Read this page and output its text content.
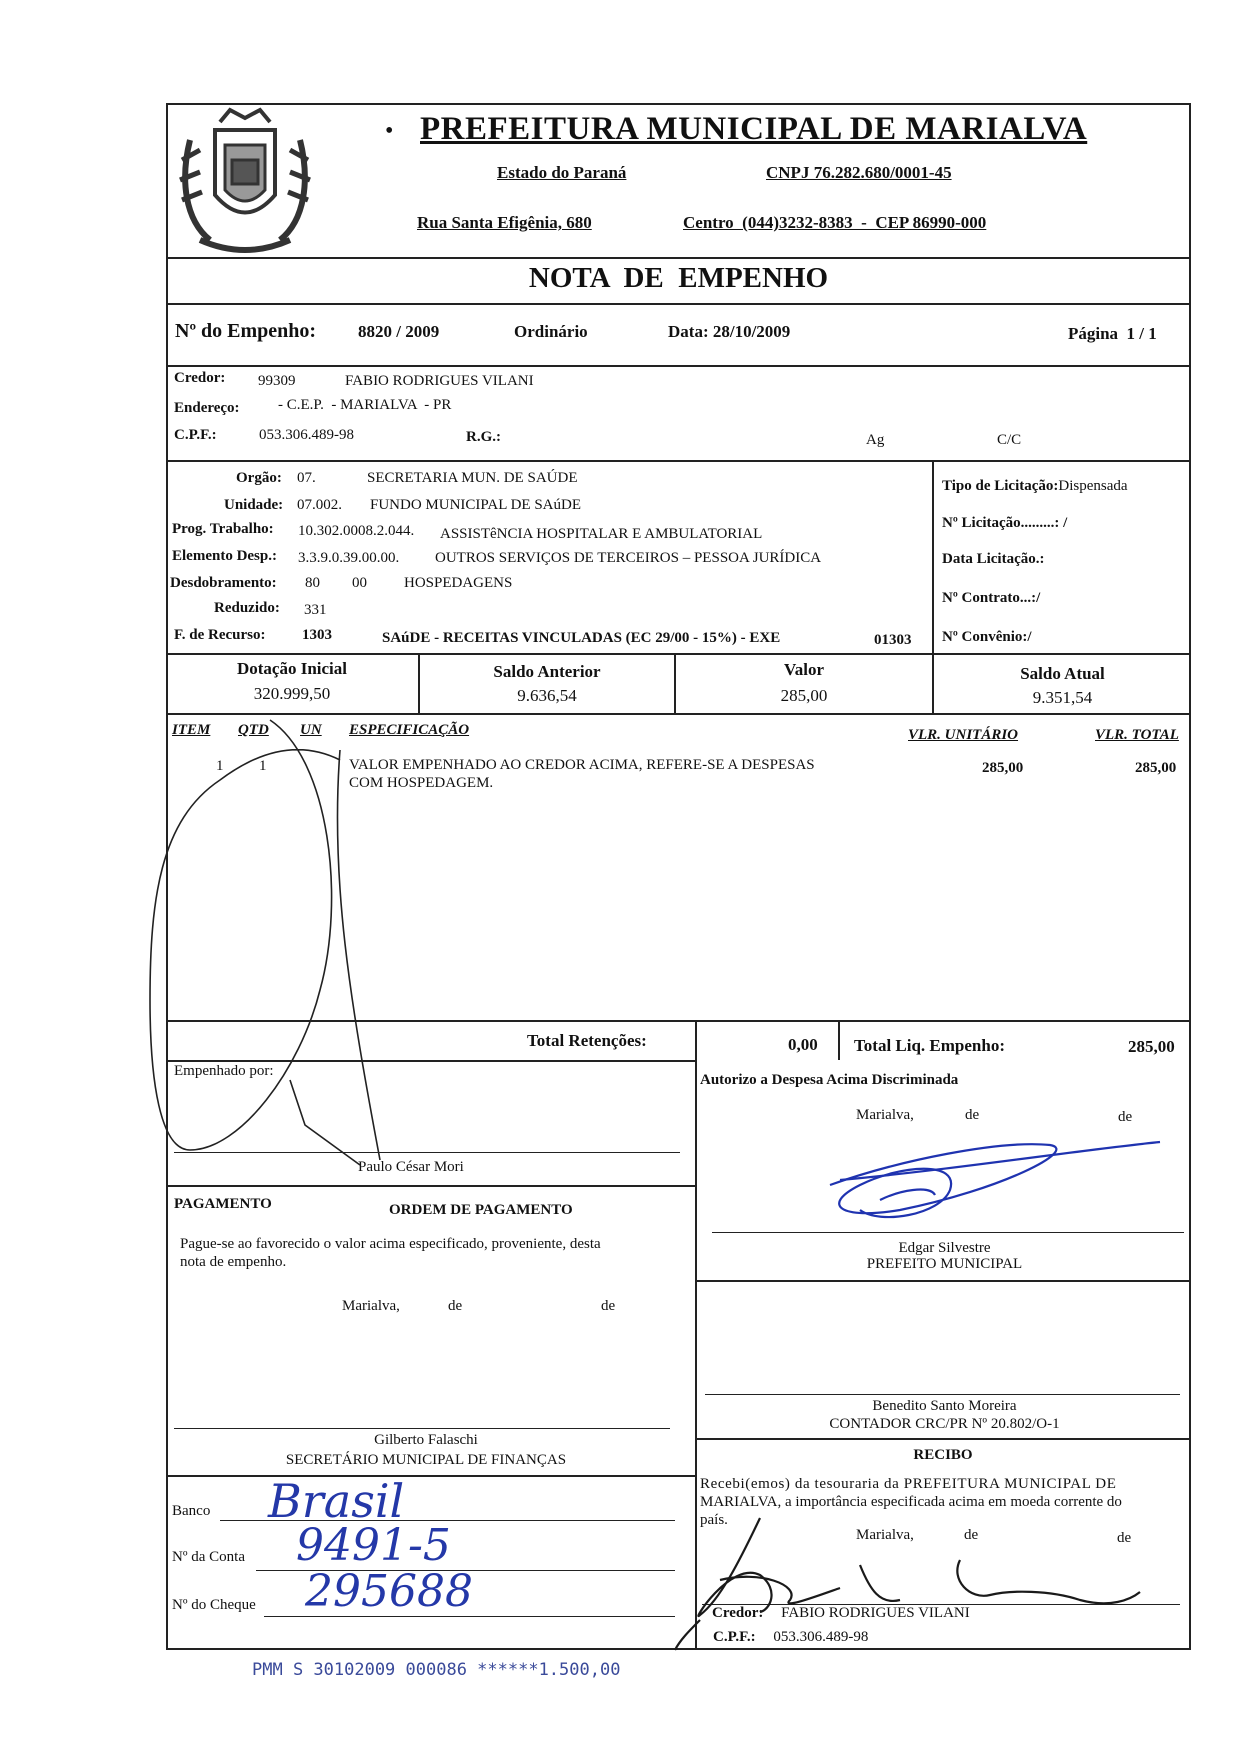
• PREFEITURA MUNICIPAL DE MARIALVA
Estado do Paraná	CNPJ 76.282.680/0001-45
Rua Santa Efigênia, 680	Centro  (044)3232-8383  -  CEP 86990-000
NOTA  DE  EMPENHO
Nº do Empenho: 8820 / 2009	Ordinário	Data: 28/10/2009	Página  1 / 1
Credor: 99309	FABIO RODRIGUES VILANI
Endereço:	- C.E.P.  - MARIALVA  - PR
C.P.F.:	053.306.489-98	R.G.:	Ag	C/C
Orgão: 07.	SECRETARIA MUN. DE SAÚDE
Unidade: 07.002. FUNDO MUNICIPAL DE SAúDE
Prog. Trabalho: 10.302.0008.2.044. ASSISTêNCIA HOSPITALAR E AMBULATORIAL
Elemento Desp.: 3.3.9.0.39.00.00. OUTROS SERVIÇOS DE TERCEIROS – PESSOA JURÍDICA
Desdobramento: 80 00 HOSPEDAGENS
Reduzido: 331
F. de Recurso: 1303	SAúDE - RECEITAS VINCULADAS (EC 29/00 - 15%) - EXE	01303
Tipo de Licitação:Dispensada
Nº Licitação.........: /
Data Licitação.:
Nº Contrato...:/
Nº Convênio:/
Dotação Inicial
320.999,50
Saldo Anterior
9.636,54
Valor
285,00
Saldo Atual
9.351,54
ITEM QTD UN ESPECIFICAÇÃO	VLR. UNITÁRIO	VLR. TOTAL
1 1	VALOR EMPENHADO AO CREDOR ACIMA, REFERE-SE A DESPESAS
COM HOSPEDAGEM.
285,00	285,00
Total Retenções:	0,00 Total Liq. Empenho:	285,00
Empenhado por:
Paulo César Mori
Autorizo a Despesa Acima Discriminada
Marialva,	de	de
Edgar Silvestre
PREFEITO MUNICIPAL
PAGAMENTO	ORDEM DE PAGAMENTO
Pague-se ao favorecido o valor acima especificado, proveniente, desta
nota de empenho.
Marialva,	de	de
Gilberto Falaschi
SECRETÁRIO MUNICIPAL DE FINANÇAS
Benedito Santo Moreira
CONTADOR CRC/PR Nº 20.802/O-1
RECIBO
Recebi(emos) da tesouraria da PREFEITURA MUNICIPAL DE
MARIALVA, a importância especificada acima em moeda corrente do
país.
Marialva,	de	de
Credor: FABIO RODRIGUES VILANI
C.P.F.: 053.306.489-98
Banco Brasil
Nº da Conta 9491-5
Nº do Cheque 295688
PMM S 30102009 000086 ******1.500,00
